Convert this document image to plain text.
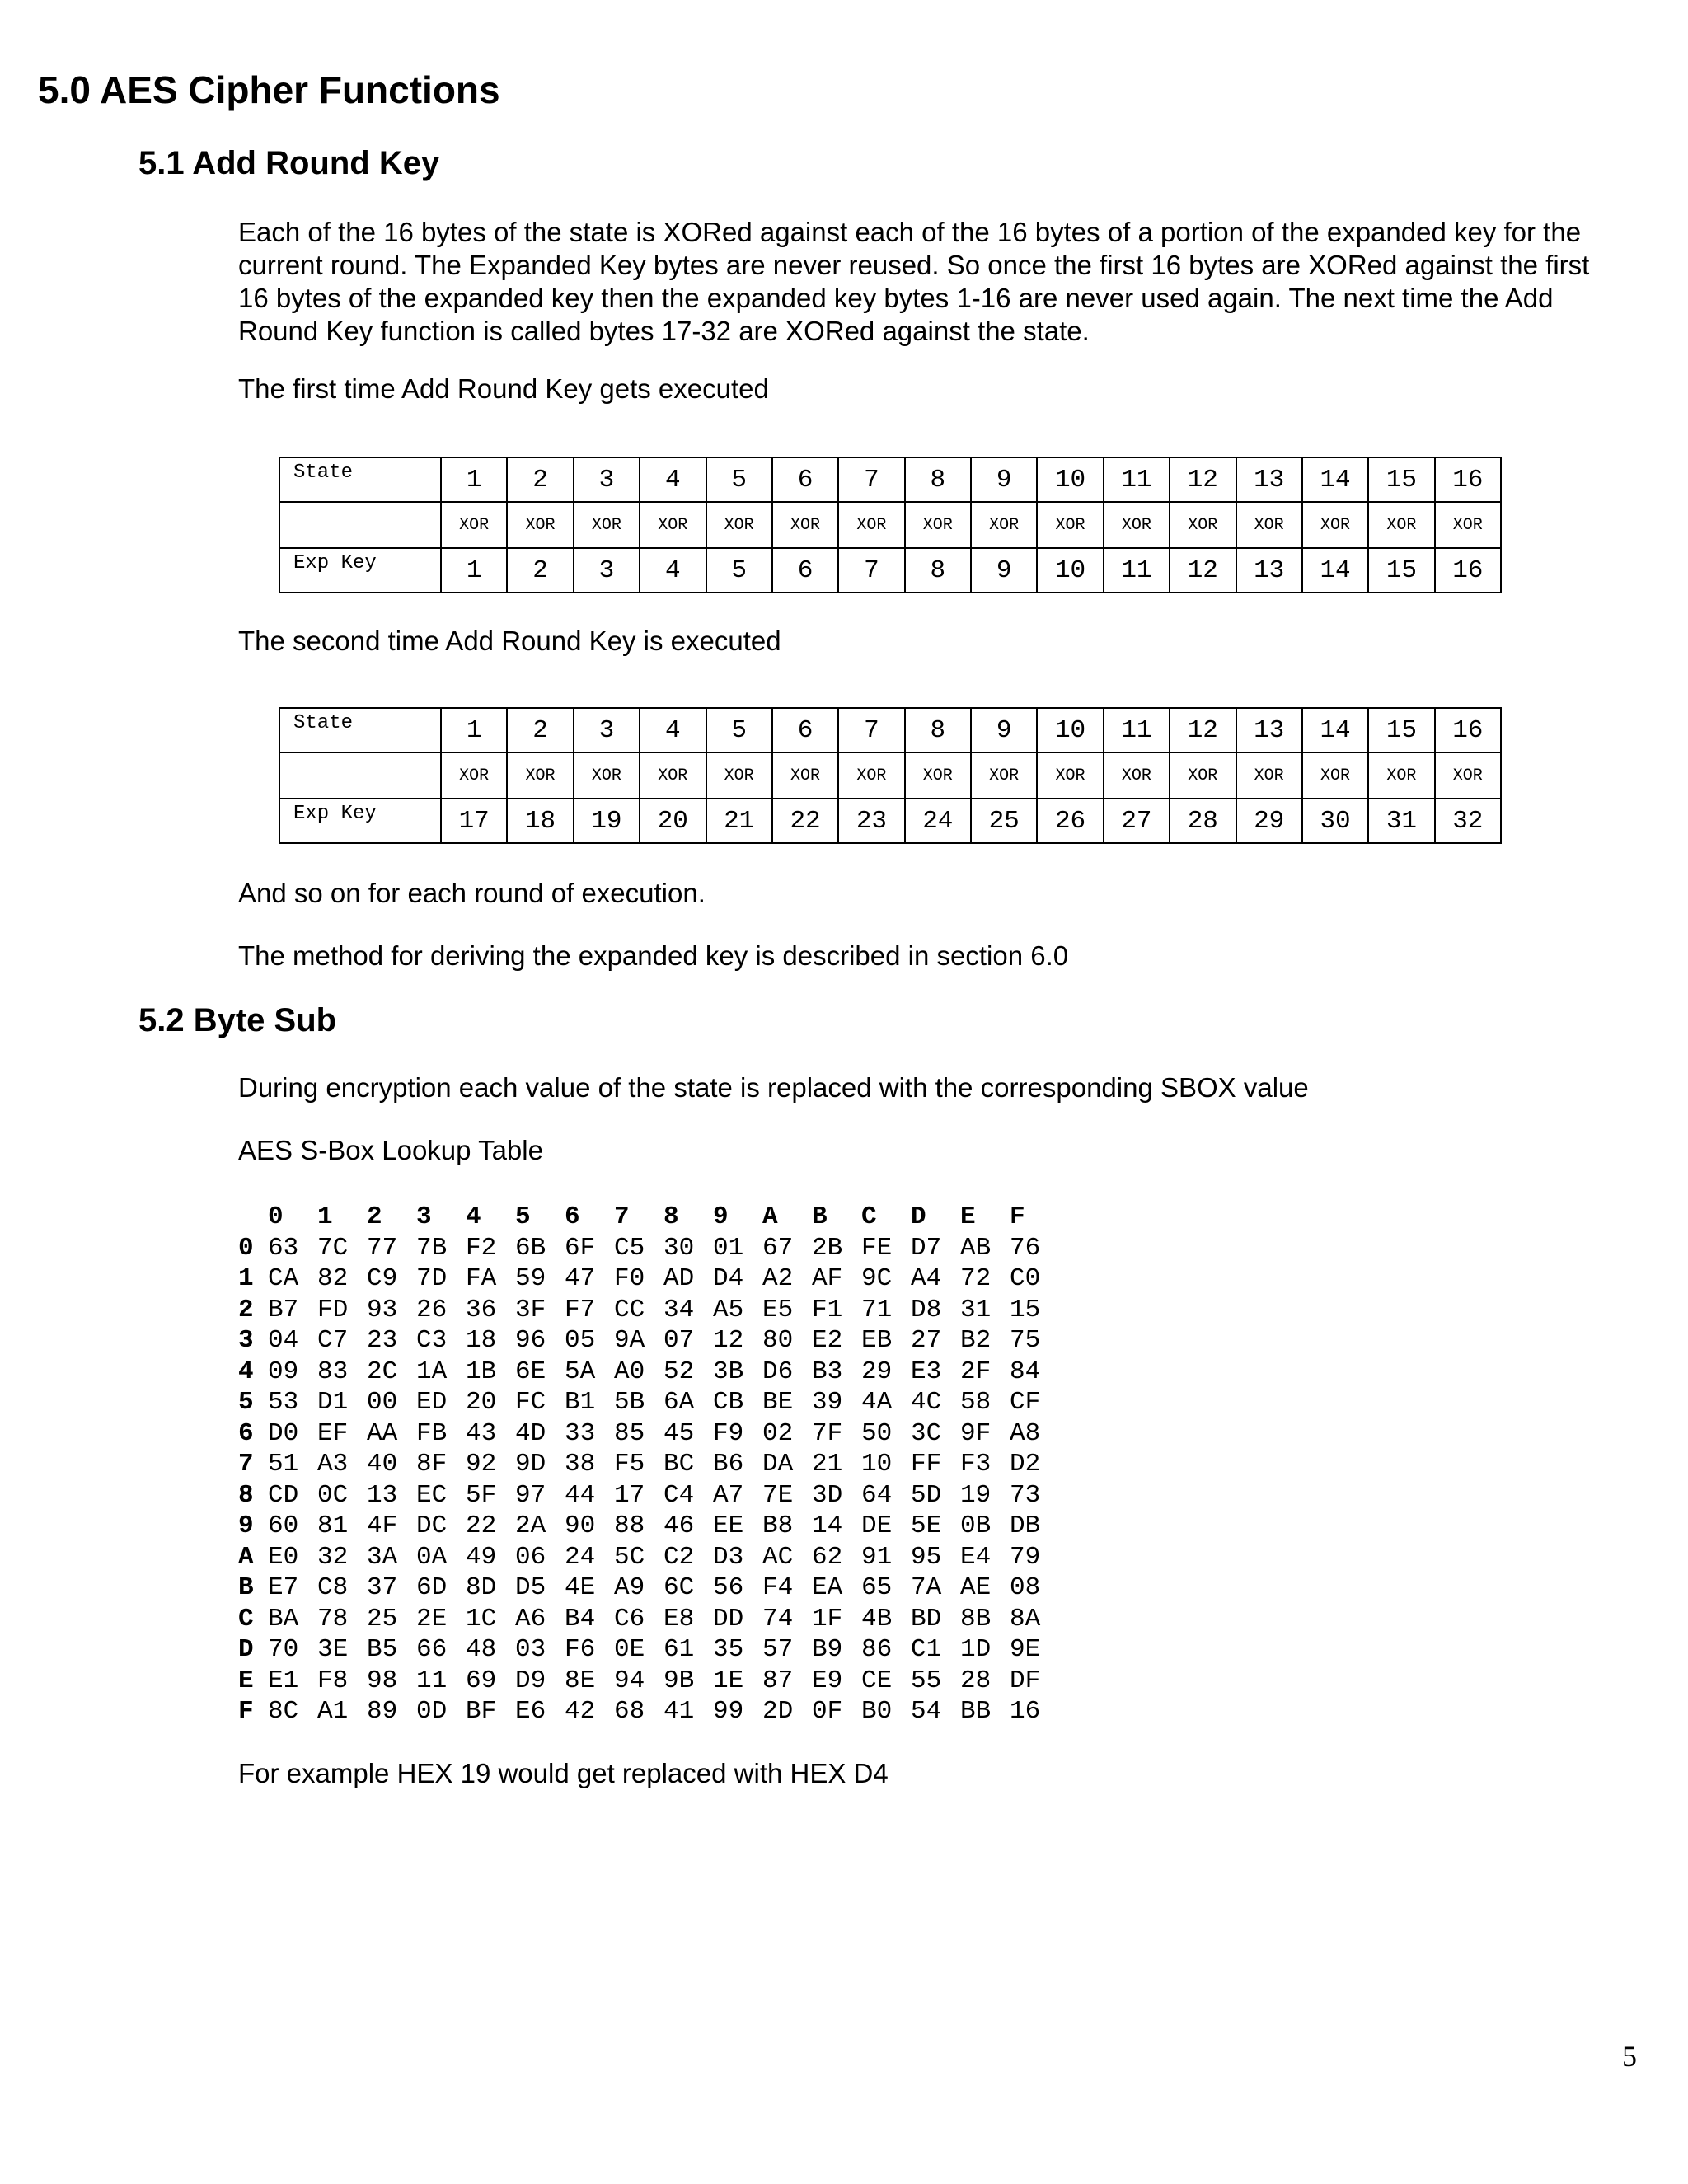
5.0 AES Cipher Functions
5.1 Add Round Key
Each of the 16 bytes of the state is XORed against each of the 16 bytes of a portion of the expanded key for the
current round. The Expanded Key bytes are never reused. So once the first 16 bytes are XORed against the first
16 bytes of the expanded key then the expanded key bytes 1-16 are never used again. The next time the Add
Round Key function is called bytes 17-32 are XORed against the state.
The first time Add Round Key gets executed
State	1	2	3	4	5	6	7	8	9	10	11	12	13	14	15	16
	XOR	XOR	XOR	XOR	XOR	XOR	XOR	XOR	XOR	XOR	XOR	XOR	XOR	XOR	XOR	XOR
Exp Key	1	2	3	4	5	6	7	8	9	10	11	12	13	14	15	16
The second time Add Round Key is executed
State	1	2	3	4	5	6	7	8	9	10	11	12	13	14	15	16
	XOR	XOR	XOR	XOR	XOR	XOR	XOR	XOR	XOR	XOR	XOR	XOR	XOR	XOR	XOR	XOR
Exp Key	17	18	19	20	21	22	23	24	25	26	27	28	29	30	31	32
And so on for each round of execution.
The method for deriving the expanded key is described in section 6.0
5.2 Byte Sub
During encryption each value of the state is replaced with the corresponding SBOX value
AES S-Box Lookup Table
0 1 2 3 4 5 6 7 8 9 A B C D E F
0 63 7C 77 7B F2 6B 6F C5 30 01 67 2B FE D7 AB 76
1 CA 82 C9 7D FA 59 47 F0 AD D4 A2 AF 9C A4 72 C0
2 B7 FD 93 26 36 3F F7 CC 34 A5 E5 F1 71 D8 31 15
3 04 C7 23 C3 18 96 05 9A 07 12 80 E2 EB 27 B2 75
4 09 83 2C 1A 1B 6E 5A A0 52 3B D6 B3 29 E3 2F 84
5 53 D1 00 ED 20 FC B1 5B 6A CB BE 39 4A 4C 58 CF
6 D0 EF AA FB 43 4D 33 85 45 F9 02 7F 50 3C 9F A8
7 51 A3 40 8F 92 9D 38 F5 BC B6 DA 21 10 FF F3 D2
8 CD 0C 13 EC 5F 97 44 17 C4 A7 7E 3D 64 5D 19 73
9 60 81 4F DC 22 2A 90 88 46 EE B8 14 DE 5E 0B DB
A E0 32 3A 0A 49 06 24 5C C2 D3 AC 62 91 95 E4 79
B E7 C8 37 6D 8D D5 4E A9 6C 56 F4 EA 65 7A AE 08
C BA 78 25 2E 1C A6 B4 C6 E8 DD 74 1F 4B BD 8B 8A
D 70 3E B5 66 48 03 F6 0E 61 35 57 B9 86 C1 1D 9E
E E1 F8 98 11 69 D9 8E 94 9B 1E 87 E9 CE 55 28 DF
F 8C A1 89 0D BF E6 42 68 41 99 2D 0F B0 54 BB 16
For example HEX 19 would get replaced with HEX D4
5
